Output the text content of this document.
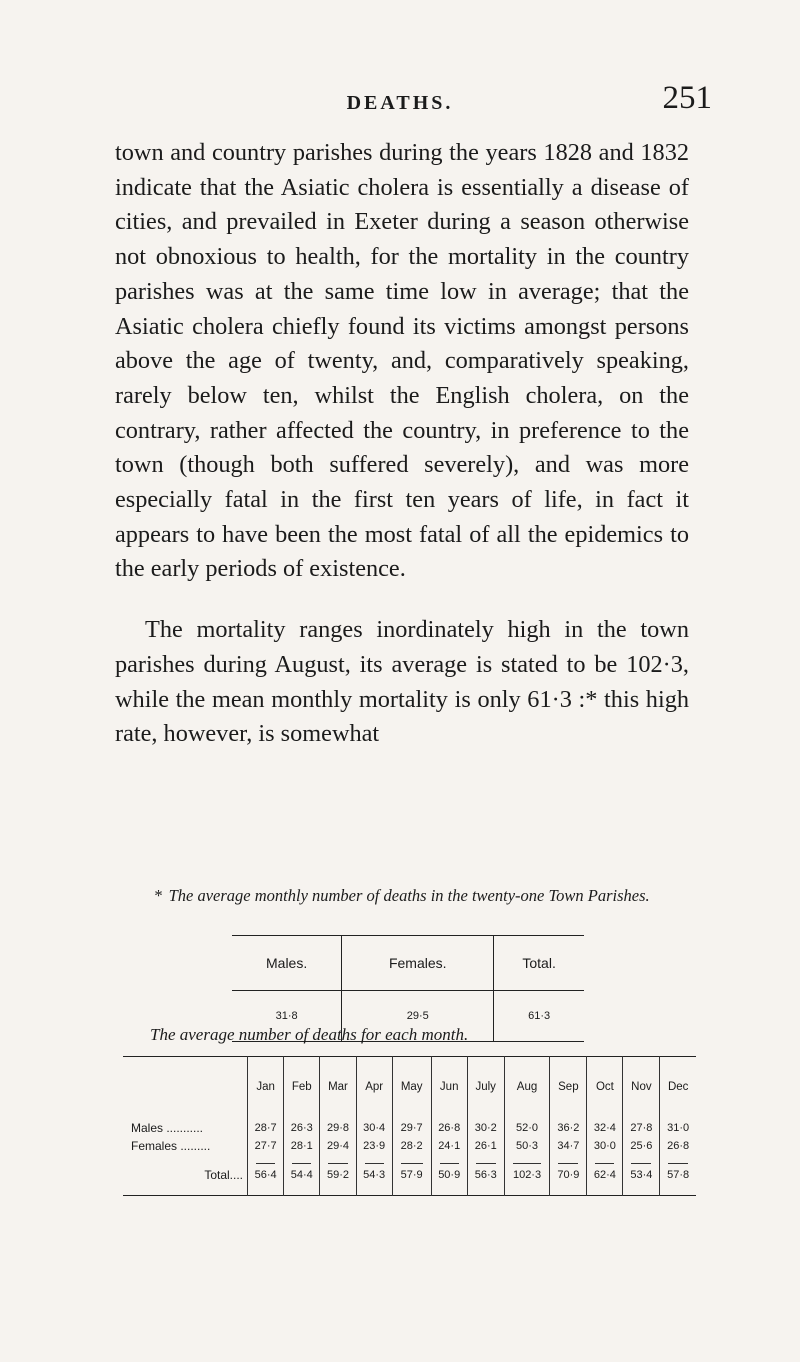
DEATHS.	251

town and country parishes during the years 1828 and 1832 indicate that the Asiatic cholera is essentially a disease of cities, and prevailed in Exeter during a season otherwise not obnoxious to health, for the mortality in the country parishes was at the same time low in average; that the Asiatic cholera chiefly found its victims amongst persons above the age of twenty, and, comparatively speaking, rarely below ten, whilst the English cholera, on the contrary, rather affected the country, in preference to the town (though both suffered severely), and was more especially fatal in the first ten years of life, in fact it appears to have been the most fatal of all the epidemics to the early periods of existence.

The mortality ranges inordinately high in the town parishes during August, its average is stated to be 102·3, while the mean monthly mortality is only 61·3 :* this high rate, however, is somewhat

* The average monthly number of deaths in the twenty-one Town Parishes.
Males.	Females.	Total.
31·8	29·5	61·3
The average number of deaths for each month.
	Jan	Feb	Mar	Apr	May	Jun	July	Aug	Sep	Oct	Nov	Dec
Males ...........	28·7	26·3	29·8	30·4	29·7	26·8	30·2	52·0	36·2	32·4	27·8	31·0
Females .........	27·7	28·1	29·4	23·9	28·2	24·1	26·1	50·3	34·7	30·0	25·6	26·8
Total....	56·4	54·4	59·2	54·3	57·9	50·9	56·3	102·3	70·9	62·4	53·4	57·8
